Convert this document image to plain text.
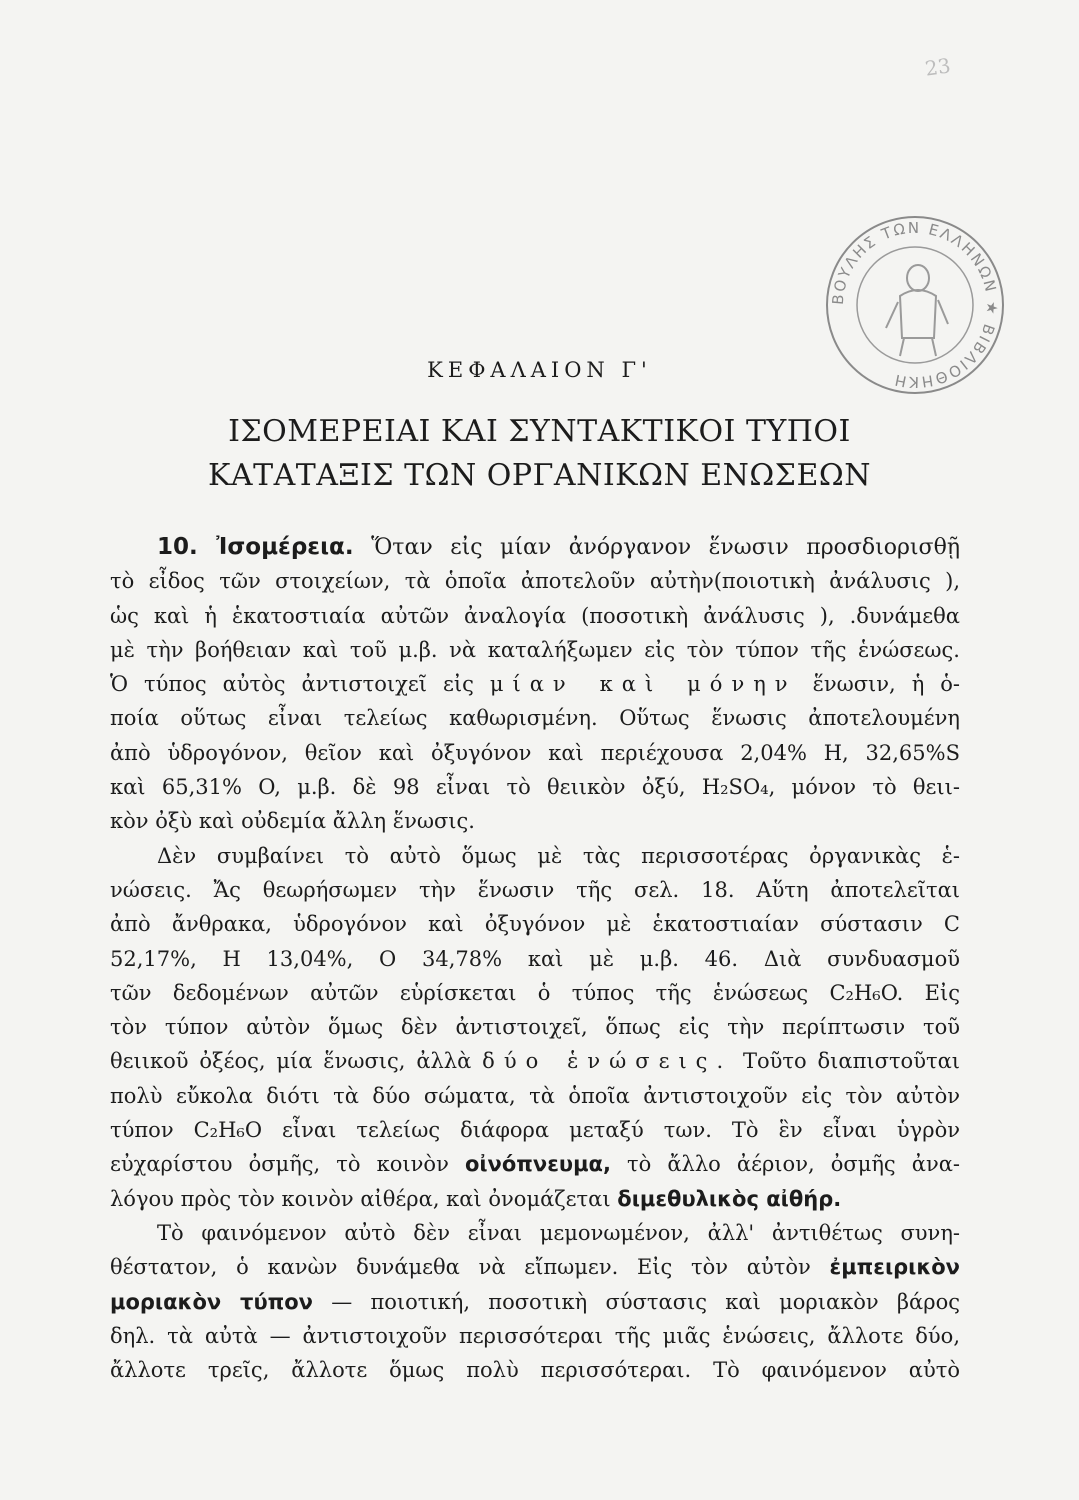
23
ΒΟΥΛΗΣ ΤΩΝ ΕΛΛΗΝΩΝ ★ ΒΙΒΛΙΟΘΗΚΗ
ΚΕΦΑΛΑΙΟΝ Γ'
ΙΣΟΜΕΡΕΙΑΙ ΚΑΙ ΣΥΝΤΑΚΤΙΚΟΙ ΤΥΠΟΙ
ΚΑΤΑΤΑΞΙΣ ΤΩΝ ΟΡΓΑΝΙΚΩΝ ΕΝΩΣΕΩΝ
10. Ἰσομέρεια. Ὅταν εἰς μίαν ἀνόργανον ἕνωσιν προσδιορισθῇ
τὸ εἶδος τῶν στοιχείων, τὰ ὁποῖα ἀποτελοῦν αὐτὴν(ποιοτικὴ ἀνάλυσις ),
ὡς καὶ ἡ ἑκατοστιαία αὐτῶν ἀναλογία (ποσοτικὴ ἀνάλυσις ), .δυνάμεθα
μὲ τὴν βοήθειαν καὶ τοῦ μ.β. νὰ καταλήξωμεν εἰς τὸν τύπον τῆς ἑνώσεως.
Ὁ τύπος αὐτὸς ἀντιστοιχεῖ εἰς μίαν καὶ μόνην ἕνωσιν, ἡ ὁ-
ποία οὕτως εἶναι τελείως καθωρισμένη. Οὕτως ἕνωσις ἀποτελουμένη
ἀπὸ ὑδρογόνον, θεῖον καὶ ὀξυγόνον καὶ περιέχουσα 2,04% H, 32,65%S
καὶ 65,31% O, μ.β. δὲ 98 εἶναι τὸ θειικὸν ὀξύ, H₂SO₄, μόνον τὸ θειι-
κὸν ὀξὺ καὶ οὐδεμία ἄλλη ἕνωσις.
Δὲν συμβαίνει τὸ αὐτὸ ὅμως μὲ τὰς περισσοτέρας ὀργανικὰς ἑ-
νώσεις. Ἄς θεωρήσωμεν τὴν ἕνωσιν τῆς σελ. 18. Αὕτη ἀποτελεῖται
ἀπὸ ἄνθρακα, ὑδρογόνον καὶ ὀξυγόνον μὲ ἑκατοστιαίαν σύστασιν C
52,17%, H 13,04%, O 34,78% καὶ μὲ μ.β. 46. Διὰ συνδυασμοῦ
τῶν δεδομένων αὐτῶν εὑρίσκεται ὁ τύπος τῆς ἑνώσεως C₂H₆O. Εἰς
τὸν τύπον αὐτὸν ὅμως δὲν ἀντιστοιχεῖ, ὅπως εἰς τὴν περίπτωσιν τοῦ
θειικοῦ ὀξέος, μία ἕνωσις, ἀλλὰ δύο ἑνώσεις. Τοῦτο διαπιστοῦται
πολὺ εὔκολα διότι τὰ δύο σώματα, τὰ ὁποῖα ἀντιστοιχοῦν εἰς τὸν αὐτὸν
τύπον C₂H₆O εἶναι τελείως διάφορα μεταξύ των. Τὸ ἓν εἶναι ὑγρὸν
εὐχαρίστου ὀσμῆς, τὸ κοινὸν οἰνόπνευμα, τὸ ἄλλο ἀέριον, ὀσμῆς ἀνα-
λόγου πρὸς τὸν κοινὸν αἰθέρα, καὶ ὀνομάζεται διμεθυλικὸς αἰθήρ.
Τὸ φαινόμενον αὐτὸ δὲν εἶναι μεμονωμένον, ἀλλ' ἀντιθέτως συνη-
θέστατον, ὁ κανὼν δυνάμεθα νὰ εἴπωμεν. Εἰς τὸν αὐτὸν ἐμπειρικὸν
μοριακὸν τύπον — ποιοτική, ποσοτικὴ σύστασις καὶ μοριακὸν βάρος
δηλ. τὰ αὐτὰ — ἀντιστοιχοῦν περισσότεραι τῆς μιᾶς ἑνώσεις, ἄλλοτε δύο,
ἄλλοτε τρεῖς, ἄλλοτε ὅμως πολὺ περισσότεραι. Τὸ φαινόμενον αὐτὸ
